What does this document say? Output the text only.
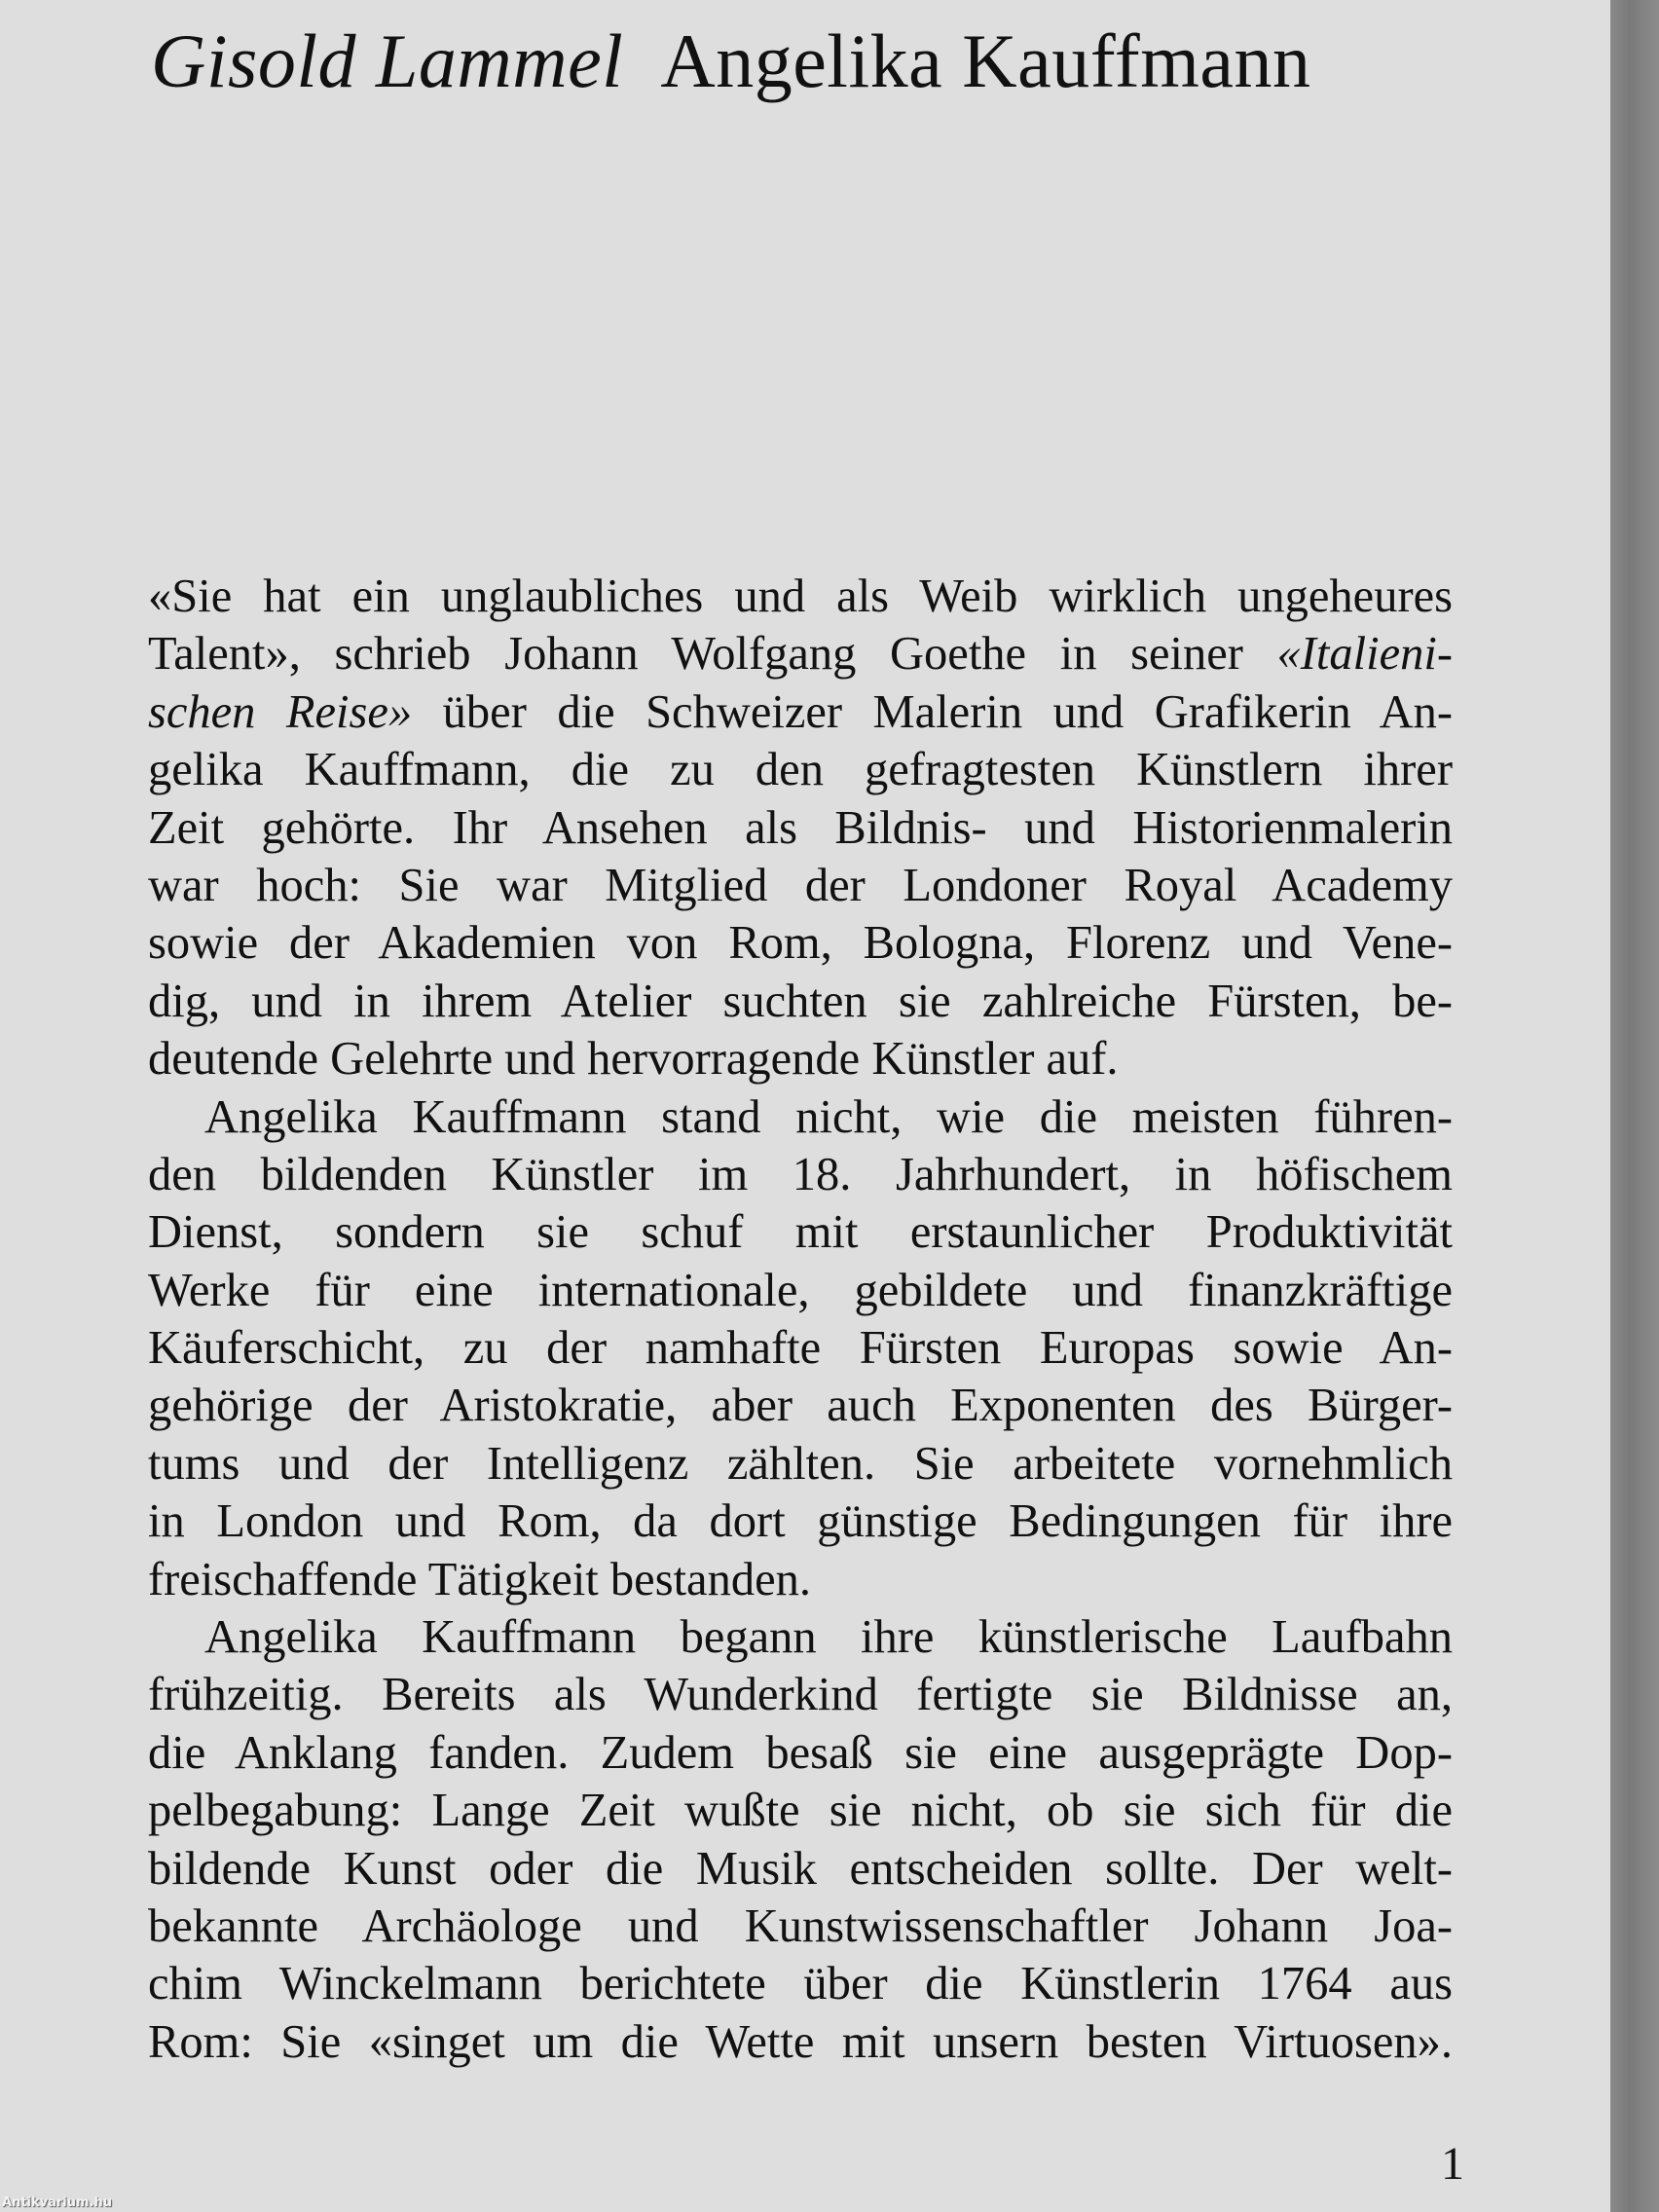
Gisold Lammel Angelika Kauffmann
«Sie hat ein unglaubliches und als Weib wirklich ungeheures
Talent», schrieb Johann Wolfgang Goethe in seiner «Italieni-
schen Reise» über die Schweizer Malerin und Grafikerin An-
gelika Kauffmann, die zu den gefragtesten Künstlern ihrer
Zeit gehörte. Ihr Ansehen als Bildnis- und Historienmalerin
war hoch: Sie war Mitglied der Londoner Royal Academy
sowie der Akademien von Rom, Bologna, Florenz und Vene-
dig, und in ihrem Atelier suchten sie zahlreiche Fürsten, be-
deutende Gelehrte und hervorragende Künstler auf.
Angelika Kauffmann stand nicht, wie die meisten führen-
den bildenden Künstler im 18. Jahrhundert, in höfischem
Dienst, sondern sie schuf mit erstaunlicher Produktivität
Werke für eine internationale, gebildete und finanzkräftige
Käuferschicht, zu der namhafte Fürsten Europas sowie An-
gehörige der Aristokratie, aber auch Exponenten des Bürger-
tums und der Intelligenz zählten. Sie arbeitete vornehmlich
in London und Rom, da dort günstige Bedingungen für ihre
freischaffende Tätigkeit bestanden.
Angelika Kauffmann begann ihre künstlerische Laufbahn
frühzeitig. Bereits als Wunderkind fertigte sie Bildnisse an,
die Anklang fanden. Zudem besaß sie eine ausgeprägte Dop-
pelbegabung: Lange Zeit wußte sie nicht, ob sie sich für die
bildende Kunst oder die Musik entscheiden sollte. Der welt-
bekannte Archäologe und Kunstwissenschaftler Johann Joa-
chim Winckelmann berichtete über die Künstlerin 1764 aus
Rom: Sie «singet um die Wette mit unsern besten Virtuosen».
1
Antikvarium.hu
